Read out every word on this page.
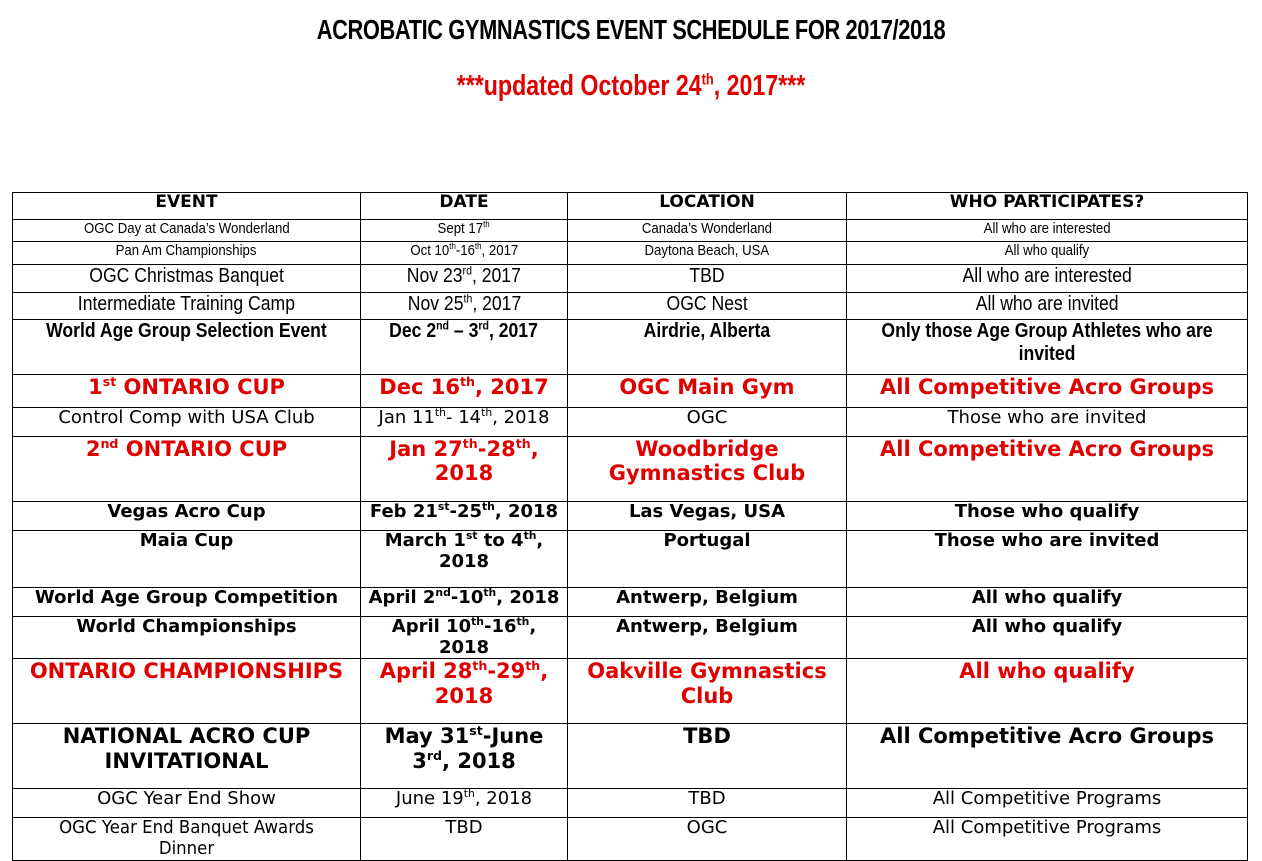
ACROBATIC GYMNASTICS EVENT SCHEDULE FOR 2017/2018
***updated October 24th, 2017***
EVENT	DATE	LOCATION	WHO PARTICIPATES?
OGC Day at Canada’s Wonderland	Sept 17th	Canada’s Wonderland	All who are interested
Pan Am Championships	Oct 10th-16th, 2017	Daytona Beach, USA	All who qualify
OGC Christmas Banquet	Nov 23rd, 2017	TBD	All who are interested
Intermediate Training Camp	Nov 25th, 2017	OGC Nest	All who are invited
World Age Group Selection Event	Dec 2nd – 3rd, 2017	Airdrie, Alberta	Only those Age Group Athletes who are invited
1st ONTARIO CUP	Dec 16th, 2017	OGC Main Gym	All Competitive Acro Groups
Control Comp with USA Club	Jan 11th- 14th, 2018	OGC	Those who are invited
2nd ONTARIO CUP	Jan 27th-28th, 2018	Woodbridge Gymnastics Club	All Competitive Acro Groups
Vegas Acro Cup	Feb 21st-25th, 2018	Las Vegas, USA	Those who qualify
Maia Cup	March 1st to 4th, 2018	Portugal	Those who are invited
World Age Group Competition	April 2nd-10th, 2018	Antwerp, Belgium	All who qualify
World Championships	April 10th-16th, 2018	Antwerp, Belgium	All who qualify
ONTARIO CHAMPIONSHIPS	April 28th-29th, 2018	Oakville Gymnastics Club	All who qualify
NATIONAL ACRO CUP INVITATIONAL	May 31st-June 3rd, 2018	TBD	All Competitive Acro Groups
OGC Year End Show	June 19th, 2018	TBD	All Competitive Programs
OGC Year End Banquet Awards Dinner	TBD	OGC	All Competitive Programs
